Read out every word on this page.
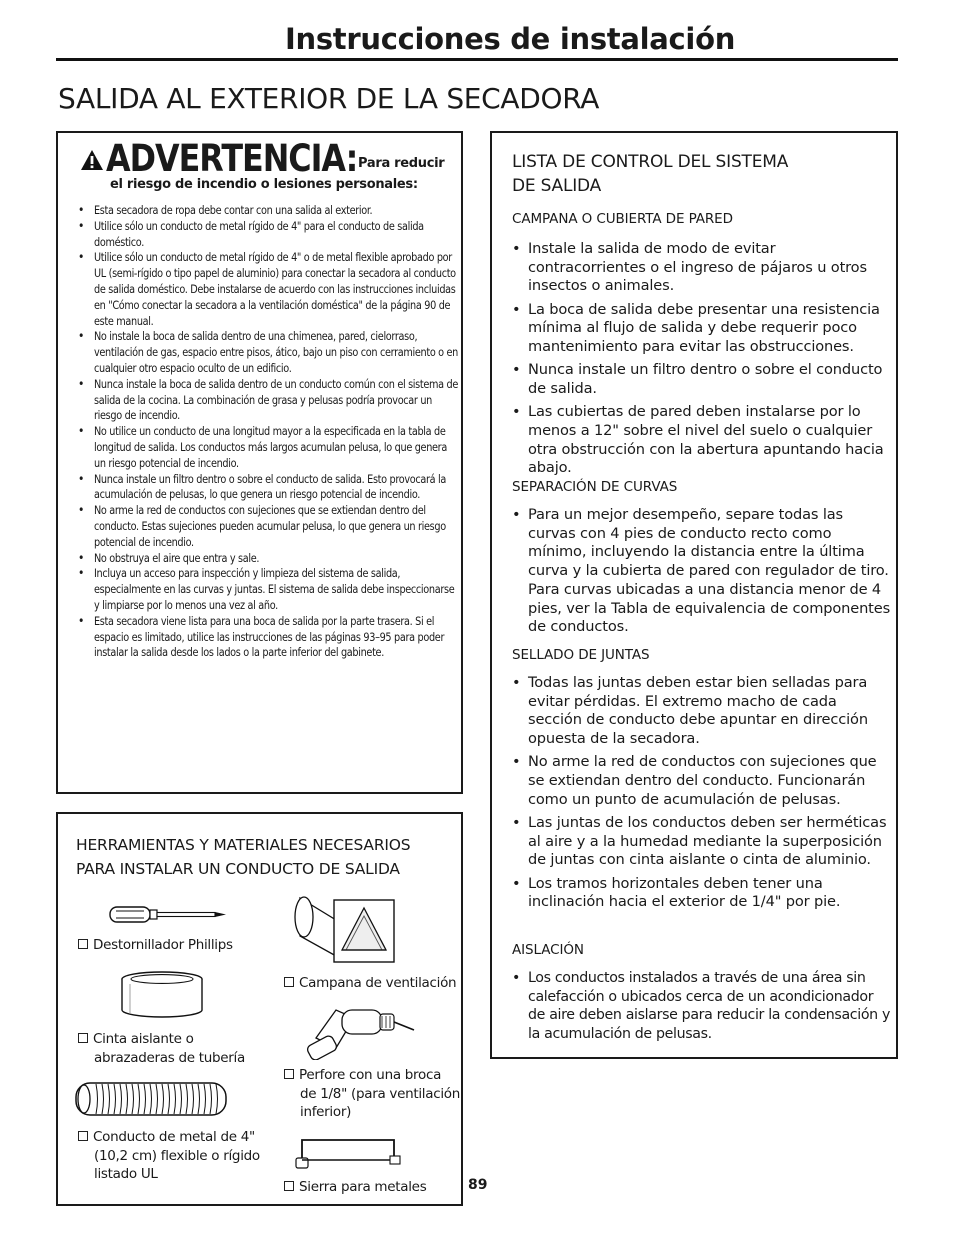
Instrucciones de instalación
SALIDA AL EXTERIOR DE LA SECADORA
ADVERTENCIA: Para reducir
el riesgo de incendio o lesiones personales:
• Esta secadora de ropa debe contar con una salida al exterior.
• Utilice sólo un conducto de metal rígido de 4" para el conducto de salida doméstico.
• Utilice sólo un conducto de metal rígido de 4" o de metal flexible aprobado por UL (semi-rígido o tipo papel de aluminio) para conectar la secadora al conducto de salida doméstico. Debe instalarse de acuerdo con las instrucciones incluidas en "Cómo conectar la secadora a la ventilación doméstica" de la página 90 de este manual.
• No instale la boca de salida dentro de una chimenea, pared, cielorraso, ventilación de gas, espacio entre pisos, ático, bajo un piso con cerramiento o en cualquier otro espacio oculto de un edificio.
• Nunca instale la boca de salida dentro de un conducto común con el sistema de salida de la cocina. La combinación de grasa y pelusas podría provocar un riesgo de incendio.
• No utilice un conducto de una longitud mayor a la especificada en la tabla de longitud de salida. Los conductos más largos acumulan pelusa, lo que genera un riesgo potencial de incendio.
• Nunca instale un filtro dentro o sobre el conducto de salida. Esto provocará la acumulación de pelusas, lo que genera un riesgo potencial de incendio.
• No arme la red de conductos con sujeciones que se extiendan dentro del conducto. Estas sujeciones pueden acumular pelusa, lo que genera un riesgo potencial de incendio.
• No obstruya el aire que entra y sale.
• Incluya un acceso para inspección y limpieza del sistema de salida, especialmente en las curvas y juntas. El sistema de salida debe inspeccionarse y limpiarse por lo menos una vez al año.
• Esta secadora viene lista para una boca de salida por la parte trasera. Si el espacio es limitado, utilice las instrucciones de las páginas 93–95 para poder instalar la salida desde los lados o la parte inferior del gabinete.
HERRAMIENTAS Y MATERIALES NECESARIOS
PARA INSTALAR UN CONDUCTO DE SALIDA
Destornillador Phillips
Cinta aislante o
abrazaderas de tubería
Conducto de metal de 4"
(10,2 cm) flexible o rígido
listado UL
Campana de ventilación
Perfore con una broca
de 1/8" (para ventilación
inferior)
Sierra para metales
LISTA DE CONTROL DEL SISTEMA
DE SALIDA
CAMPANA O CUBIERTA DE PARED
• Instale la salida de modo de evitar contracorrientes o el ingreso de pájaros u otros insectos o animales.
• La boca de salida debe presentar una resistencia mínima al flujo de salida y debe requerir poco mantenimiento para evitar las obstrucciones.
• Nunca instale un filtro dentro o sobre el conducto de salida.
• Las cubiertas de pared deben instalarse por lo menos a 12" sobre el nivel del suelo o cualquier otra obstrucción con la abertura apuntando hacia abajo.
SEPARACIÓN DE CURVAS
• Para un mejor desempeño, separe todas las curvas con 4 pies de conducto recto como mínimo, incluyendo la distancia entre la última curva y la cubierta de pared con regulador de tiro. Para curvas ubicadas a una distancia menor de 4 pies, ver la Tabla de equivalencia de componentes de conductos.
SELLADO DE JUNTAS
• Todas las juntas deben estar bien selladas para evitar pérdidas. El extremo macho de cada sección de conducto debe apuntar en dirección opuesta de la secadora.
• No arme la red de conductos con sujeciones que se extiendan dentro del conducto. Funcionarán como un punto de acumulación de pelusas.
• Las juntas de los conductos deben ser herméticas al aire y a la humedad mediante la superposición de juntas con cinta aislante o cinta de aluminio.
• Los tramos horizontales deben tener una inclinación hacia el exterior de 1/4" por pie.
AISLACIÓN
• Los conductos instalados a través de una área sin calefacción o ubicados cerca de un acondicionador de aire deben aislarse para reducir la condensación y la acumulación de pelusas.
89
